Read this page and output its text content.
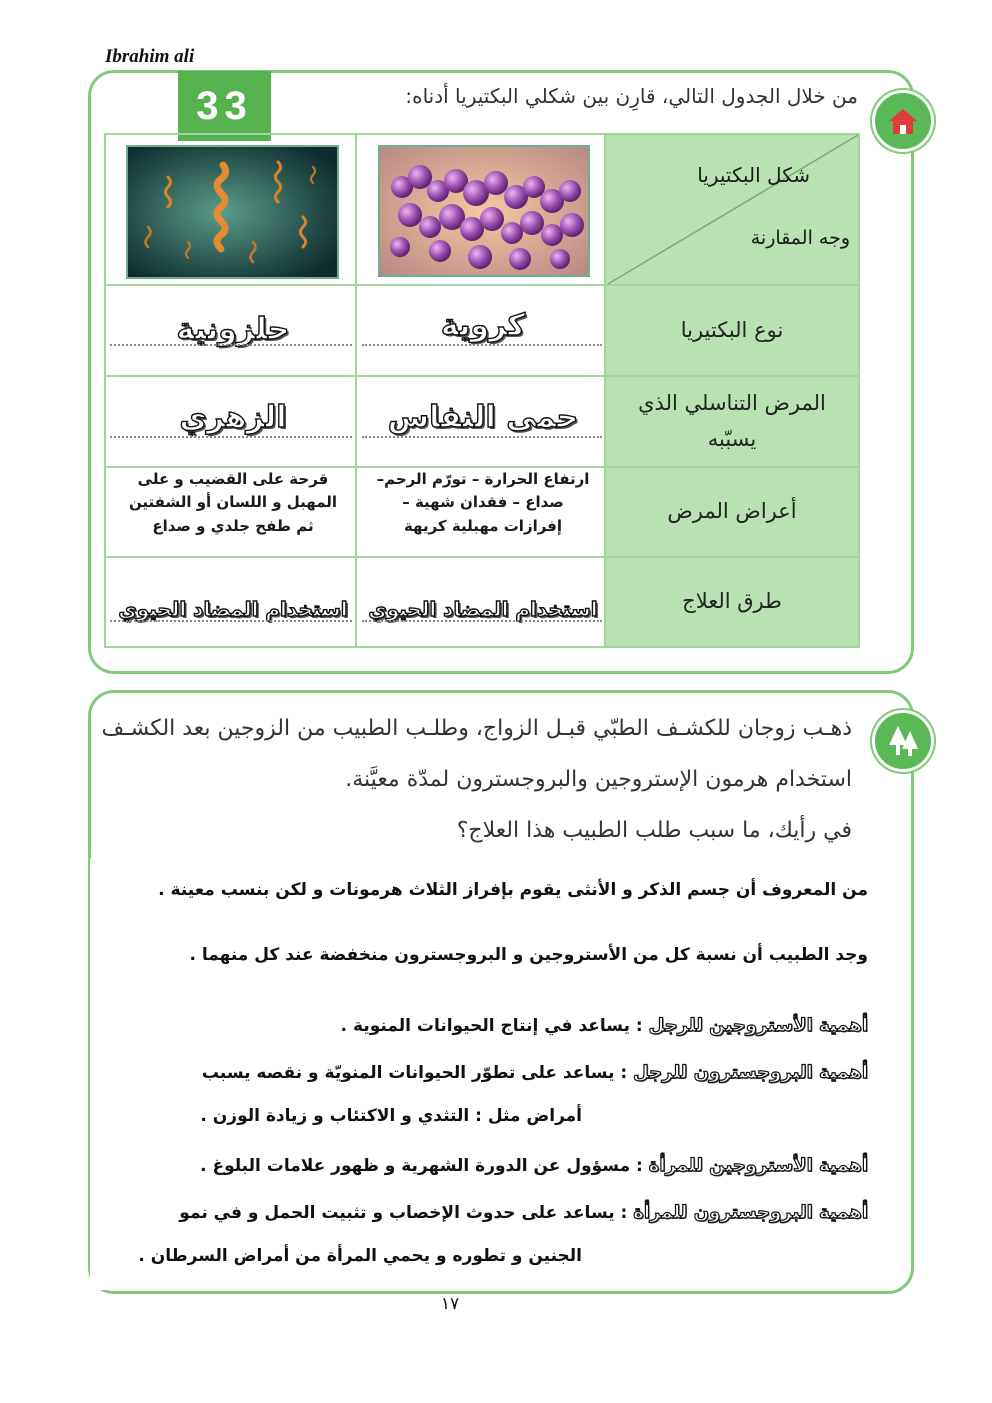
Ibrahim ali
33	من خلال الجدول التالي، قارِن بين شكلي البكتيريا أدناه:
شكل البكتيريا
وجه المقارنة
نوع البكتيريا
المرض التناسلي الذي يسبّبه
أعراض المرض
طرق العلاج
كروية
حلزونية
حمى النفاس
الزهري
ارتفاع الحرارة – تورّم الرحم–
صداع – فقدان شهية –
إفرازات مهبلية كريهة
قرحة على القضيب و على
المهبل و اللسان أو الشفتين
ثم طفح جلدي و صداع
استخدام المضاد الحيوي
استخدام المضاد الحيوي
ذهـب زوجان للكشـف الطبّي قبـل الزواج، وطلـب الطبيب من الزوجين بعد الكشـف
استخدام هرمون الإستروجين والبروجسترون لمدّة معيَّنة.
في رأيك، ما سبب طلب الطبيب هذا العلاج؟
من المعروف أن جسم الذكر و الأنثى يقوم بإفراز الثلاث هرمونات و لكن بنسب معينة .
وجد الطبيب أن نسبة كل من الأستروجين و البروجسترون منخفضة عند كل منهما .
أهمية الأستروجين للرجل : يساعد في إنتاج الحيوانات المنوية .
أهمية البروجسترون للرجل : يساعد على تطوّر الحيوانات المنويّة و نقصه يسبب
أمراض مثل : التثدي و الاكتئاب و زيادة الوزن .
أهمية الأستروجين للمرأة : مسؤول عن الدورة الشهرية و ظهور علامات البلوغ .
أهمية البروجسترون للمرأة : يساعد على حدوث الإخصاب و تثبيت الحمل و في نمو
الجنين و تطوره و يحمي المرأة من أمراض السرطان .
١٧
